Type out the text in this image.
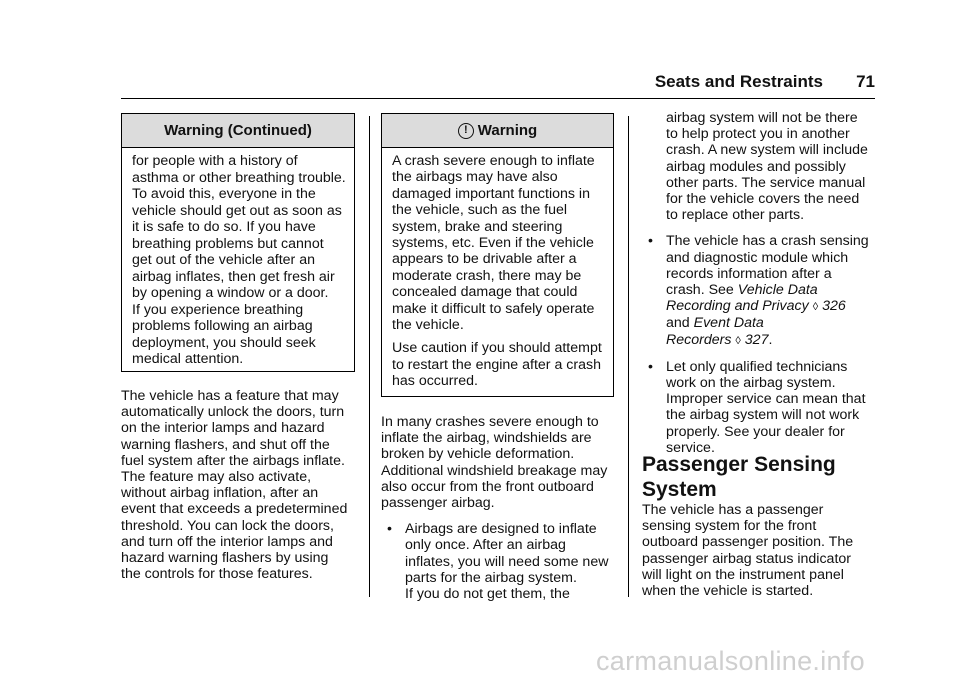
Seats and Restraints 71
Warning (Continued)
for people with a history of
asthma or other breathing trouble.
To avoid this, everyone in the
vehicle should get out as soon as
it is safe to do so. If you have
breathing problems but cannot
get out of the vehicle after an
airbag inflates, then get fresh air
by opening a window or a door.
If you experience breathing
problems following an airbag
deployment, you should seek
medical attention.
The vehicle has a feature that may
automatically unlock the doors, turn
on the interior lamps and hazard
warning flashers, and shut off the
fuel system after the airbags inflate.
The feature may also activate,
without airbag inflation, after an
event that exceeds a predetermined
threshold. You can lock the doors,
and turn off the interior lamps and
hazard warning flashers by using
the controls for those features.
! Warning

A crash severe enough to inflate
the airbags may have also
damaged important functions in
the vehicle, such as the fuel
system, brake and steering
systems, etc. Even if the vehicle
appears to be drivable after a
moderate crash, there may be
concealed damage that could
make it difficult to safely operate
the vehicle.

Use caution if you should attempt
to restart the engine after a crash
has occurred.

In many crashes severe enough to
inflate the airbag, windshields are
broken by vehicle deformation.
Additional windshield breakage may
also occur from the front outboard
passenger airbag.
• Airbags are designed to inflate
only once. After an airbag
inflates, you will need some new
parts for the airbag system.
If you do not get them, the
airbag system will not be there
to help protect you in another
crash. A new system will include
airbag modules and possibly
other parts. The service manual
for the vehicle covers the need
to replace other parts.
• The vehicle has a crash sensing
and diagnostic module which
records information after a
crash. See Vehicle Data
Recording and Privacy ◊ 326
and Event Data
Recorders ◊ 327.
• Let only qualified technicians
work on the airbag system.
Improper service can mean that
the airbag system will not work
properly. See your dealer for
service.
Passenger Sensing
System
The vehicle has a passenger
sensing system for the front
outboard passenger position. The
passenger airbag status indicator
will light on the instrument panel
when the vehicle is started.
carmanualsonline.info
